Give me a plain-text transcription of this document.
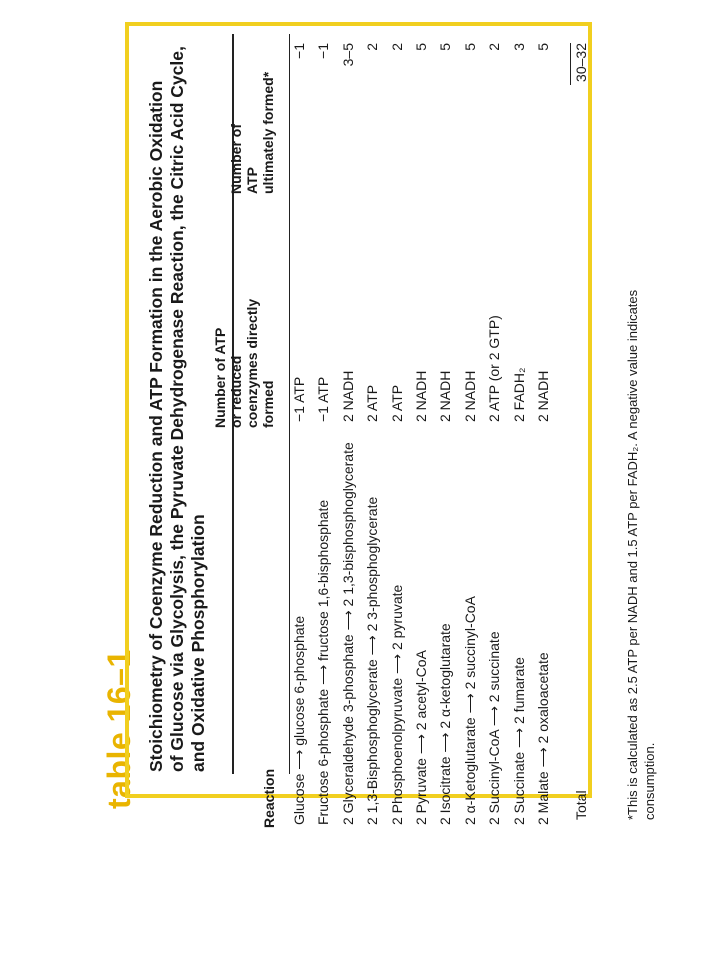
table 16–1 Stoichiometry of Coenzyme Reduction and ATP Formation in the Aerobic Oxidation of Glucose via Glycolysis, the Pyruvate Dehydrogenase Reaction, the Citric Acid Cycle, and Oxidative Phosphorylation
Reaction
Number of ATP or reduced coenzymes directly formed
Number of ATP ultimately formed*
Glucose ⟶ glucose 6-phosphate
−1 ATP
−1
Fructose 6-phosphate ⟶ fructose 1,6-bisphosphate
−1 ATP
−1
2 Glyceraldehyde 3-phosphate ⟶ 2 1,3-bisphosphoglycerate
2 NADH
3–5
2 1,3-Bisphosphoglycerate ⟶ 2 3-phosphoglycerate
2 ATP
2
2 Phosphoenolpyruvate ⟶ 2 pyruvate
2 ATP
2
2 Pyruvate ⟶ 2 acetyl-CoA
2 NADH
5
2 Isocitrate ⟶ 2 α-ketoglutarate
2 NADH
5
2 α-Ketoglutarate ⟶ 2 succinyl-CoA
2 NADH
5
2 Succinyl-CoA ⟶ 2 succinate
2 ATP (or 2 GTP)
2
2 Succinate ⟶ 2 fumarate
2 FADH₂
3
2 Malate ⟶ 2 oxaloacetate
2 NADH
5
Total
30–32
*This is calculated as 2.5 ATP per NADH and 1.5 ATP per FADH₂. A negative value indicates consumption.
